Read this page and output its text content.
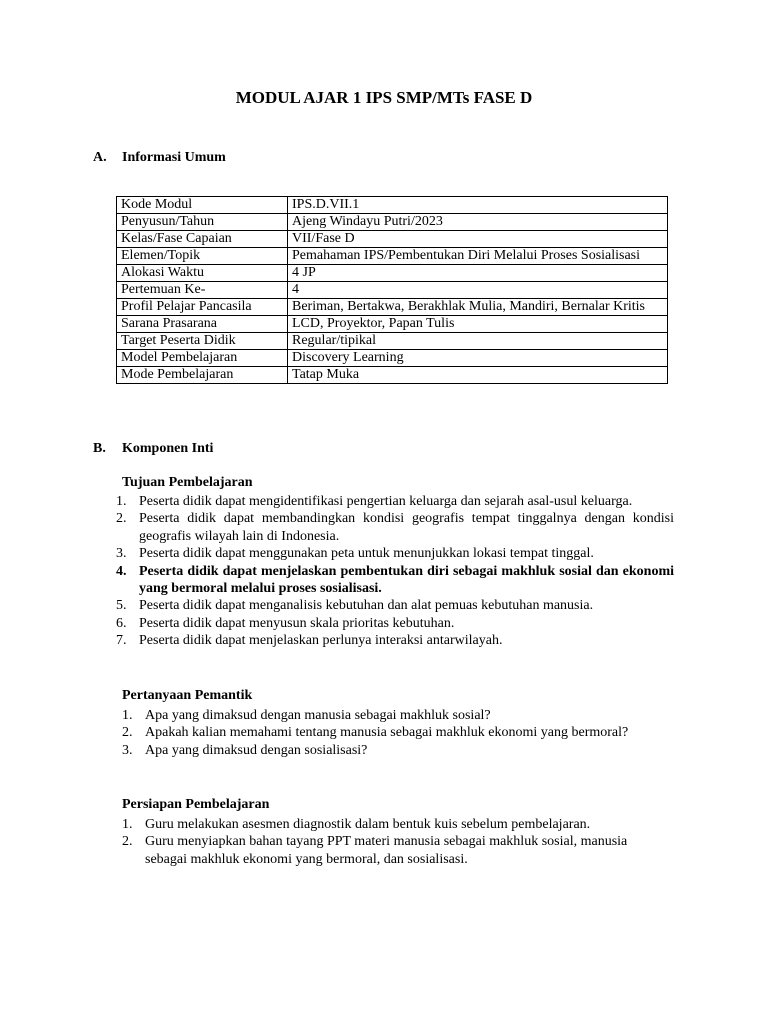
MODUL AJAR 1 IPS SMP/MTs FASE D
A. Informasi Umum
Kode Modul	IPS.D.VII.1
Penyusun/Tahun	Ajeng Windayu Putri/2023
Kelas/Fase Capaian	VII/Fase D
Elemen/Topik	Pemahaman IPS/Pembentukan Diri Melalui Proses Sosialisasi
Alokasi Waktu	4 JP
Pertemuan Ke-	4
Profil Pelajar Pancasila	Beriman, Bertakwa, Berakhlak Mulia, Mandiri, Bernalar Kritis
Sarana Prasarana	LCD, Proyektor, Papan Tulis
Target Peserta Didik	Regular/tipikal
Model Pembelajaran	Discovery Learning
Mode Pembelajaran	Tatap Muka
B. Komponen Inti
Tujuan Pembelajaran
1. Peserta didik dapat mengidentifikasi pengertian keluarga dan sejarah asal-usul keluarga.
2. Peserta didik dapat membandingkan kondisi geografis tempat tinggalnya dengan kondisi geografis wilayah lain di Indonesia.
3. Peserta didik dapat menggunakan peta untuk menunjukkan lokasi tempat tinggal.
4. Peserta didik dapat menjelaskan pembentukan diri sebagai makhluk sosial dan ekonomi yang bermoral melalui proses sosialisasi.
5. Peserta didik dapat menganalisis kebutuhan dan alat pemuas kebutuhan manusia.
6. Peserta didik dapat menyusun skala prioritas kebutuhan.
7. Peserta didik dapat menjelaskan perlunya interaksi antarwilayah.
Pertanyaan Pemantik
1. Apa yang dimaksud dengan manusia sebagai makhluk sosial?
2. Apakah kalian memahami tentang manusia sebagai makhluk ekonomi yang bermoral?
3. Apa yang dimaksud dengan sosialisasi?
Persiapan Pembelajaran
1. Guru melakukan asesmen diagnostik dalam bentuk kuis sebelum pembelajaran.
2. Guru menyiapkan bahan tayang PPT materi manusia sebagai makhluk sosial, manusia sebagai makhluk ekonomi yang bermoral, dan sosialisasi.
